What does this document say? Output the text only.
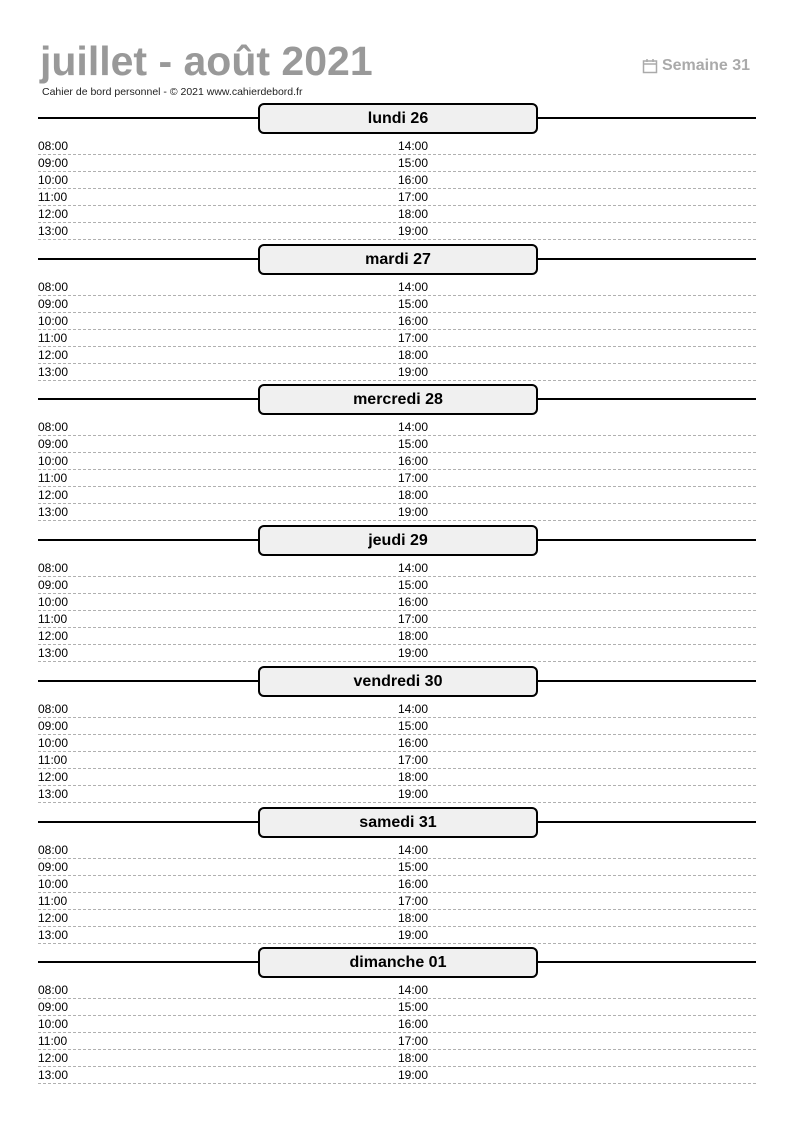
juillet - août 2021
Cahier de bord personnel - © 2021 www.cahierdebord.fr
Semaine 31
lundi 26
08:00	14:00
09:00	15:00
10:00	16:00
11:00	17:00
12:00	18:00
13:00	19:00
mardi 27
08:00	14:00
09:00	15:00
10:00	16:00
11:00	17:00
12:00	18:00
13:00	19:00
mercredi 28
08:00	14:00
09:00	15:00
10:00	16:00
11:00	17:00
12:00	18:00
13:00	19:00
jeudi 29
08:00	14:00
09:00	15:00
10:00	16:00
11:00	17:00
12:00	18:00
13:00	19:00
vendredi 30
08:00	14:00
09:00	15:00
10:00	16:00
11:00	17:00
12:00	18:00
13:00	19:00
samedi 31
08:00	14:00
09:00	15:00
10:00	16:00
11:00	17:00
12:00	18:00
13:00	19:00
dimanche 01
08:00	14:00
09:00	15:00
10:00	16:00
11:00	17:00
12:00	18:00
13:00	19:00
